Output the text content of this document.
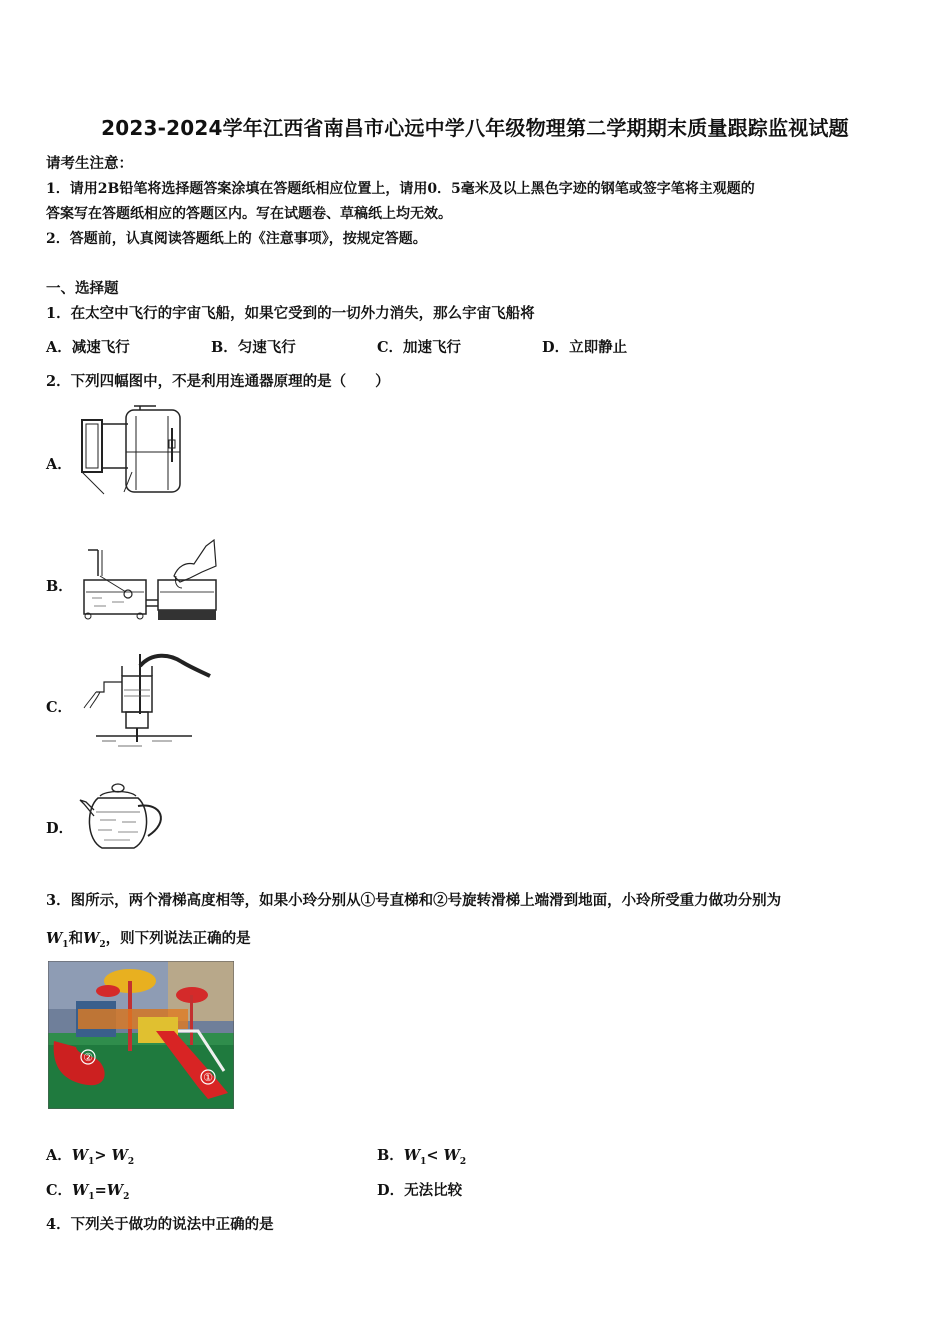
2023-2024学年江西省南昌市心远中学八年级物理第二学期期末质量跟踪监视试题
请考生注意：
1．请用2B铅笔将选择题答案涂填在答题纸相应位置上，请用0．5毫米及以上黑色字迹的钢笔或签字笔将主观题的
答案写在答题纸相应的答题区内。写在试题卷、草稿纸上均无效。
2．答题前，认真阅读答题纸上的《注意事项》，按规定答题。
一、选择题
1．在太空中飞行的宇宙飞船，如果它受到的一切外力消失，那么宇宙飞船将
A．减速飞行	B．匀速飞行	C．加速飞行	D．立即静止
2．下列四幅图中，不是利用连通器原理的是（　　）
A．
B．
C．
D．
3．图所示，两个滑梯高度相等，如果小玲分别从①号直梯和②号旋转滑梯上端滑到地面，小玲所受重力做功分别为
$W_1$和$W_2$，则下列说法正确的是
②
①
A．$W_1> W_2$	B．$W_1< W_2$
C．$W_1=W_2$	D．无法比较
4．下列关于做功的说法中正确的是
